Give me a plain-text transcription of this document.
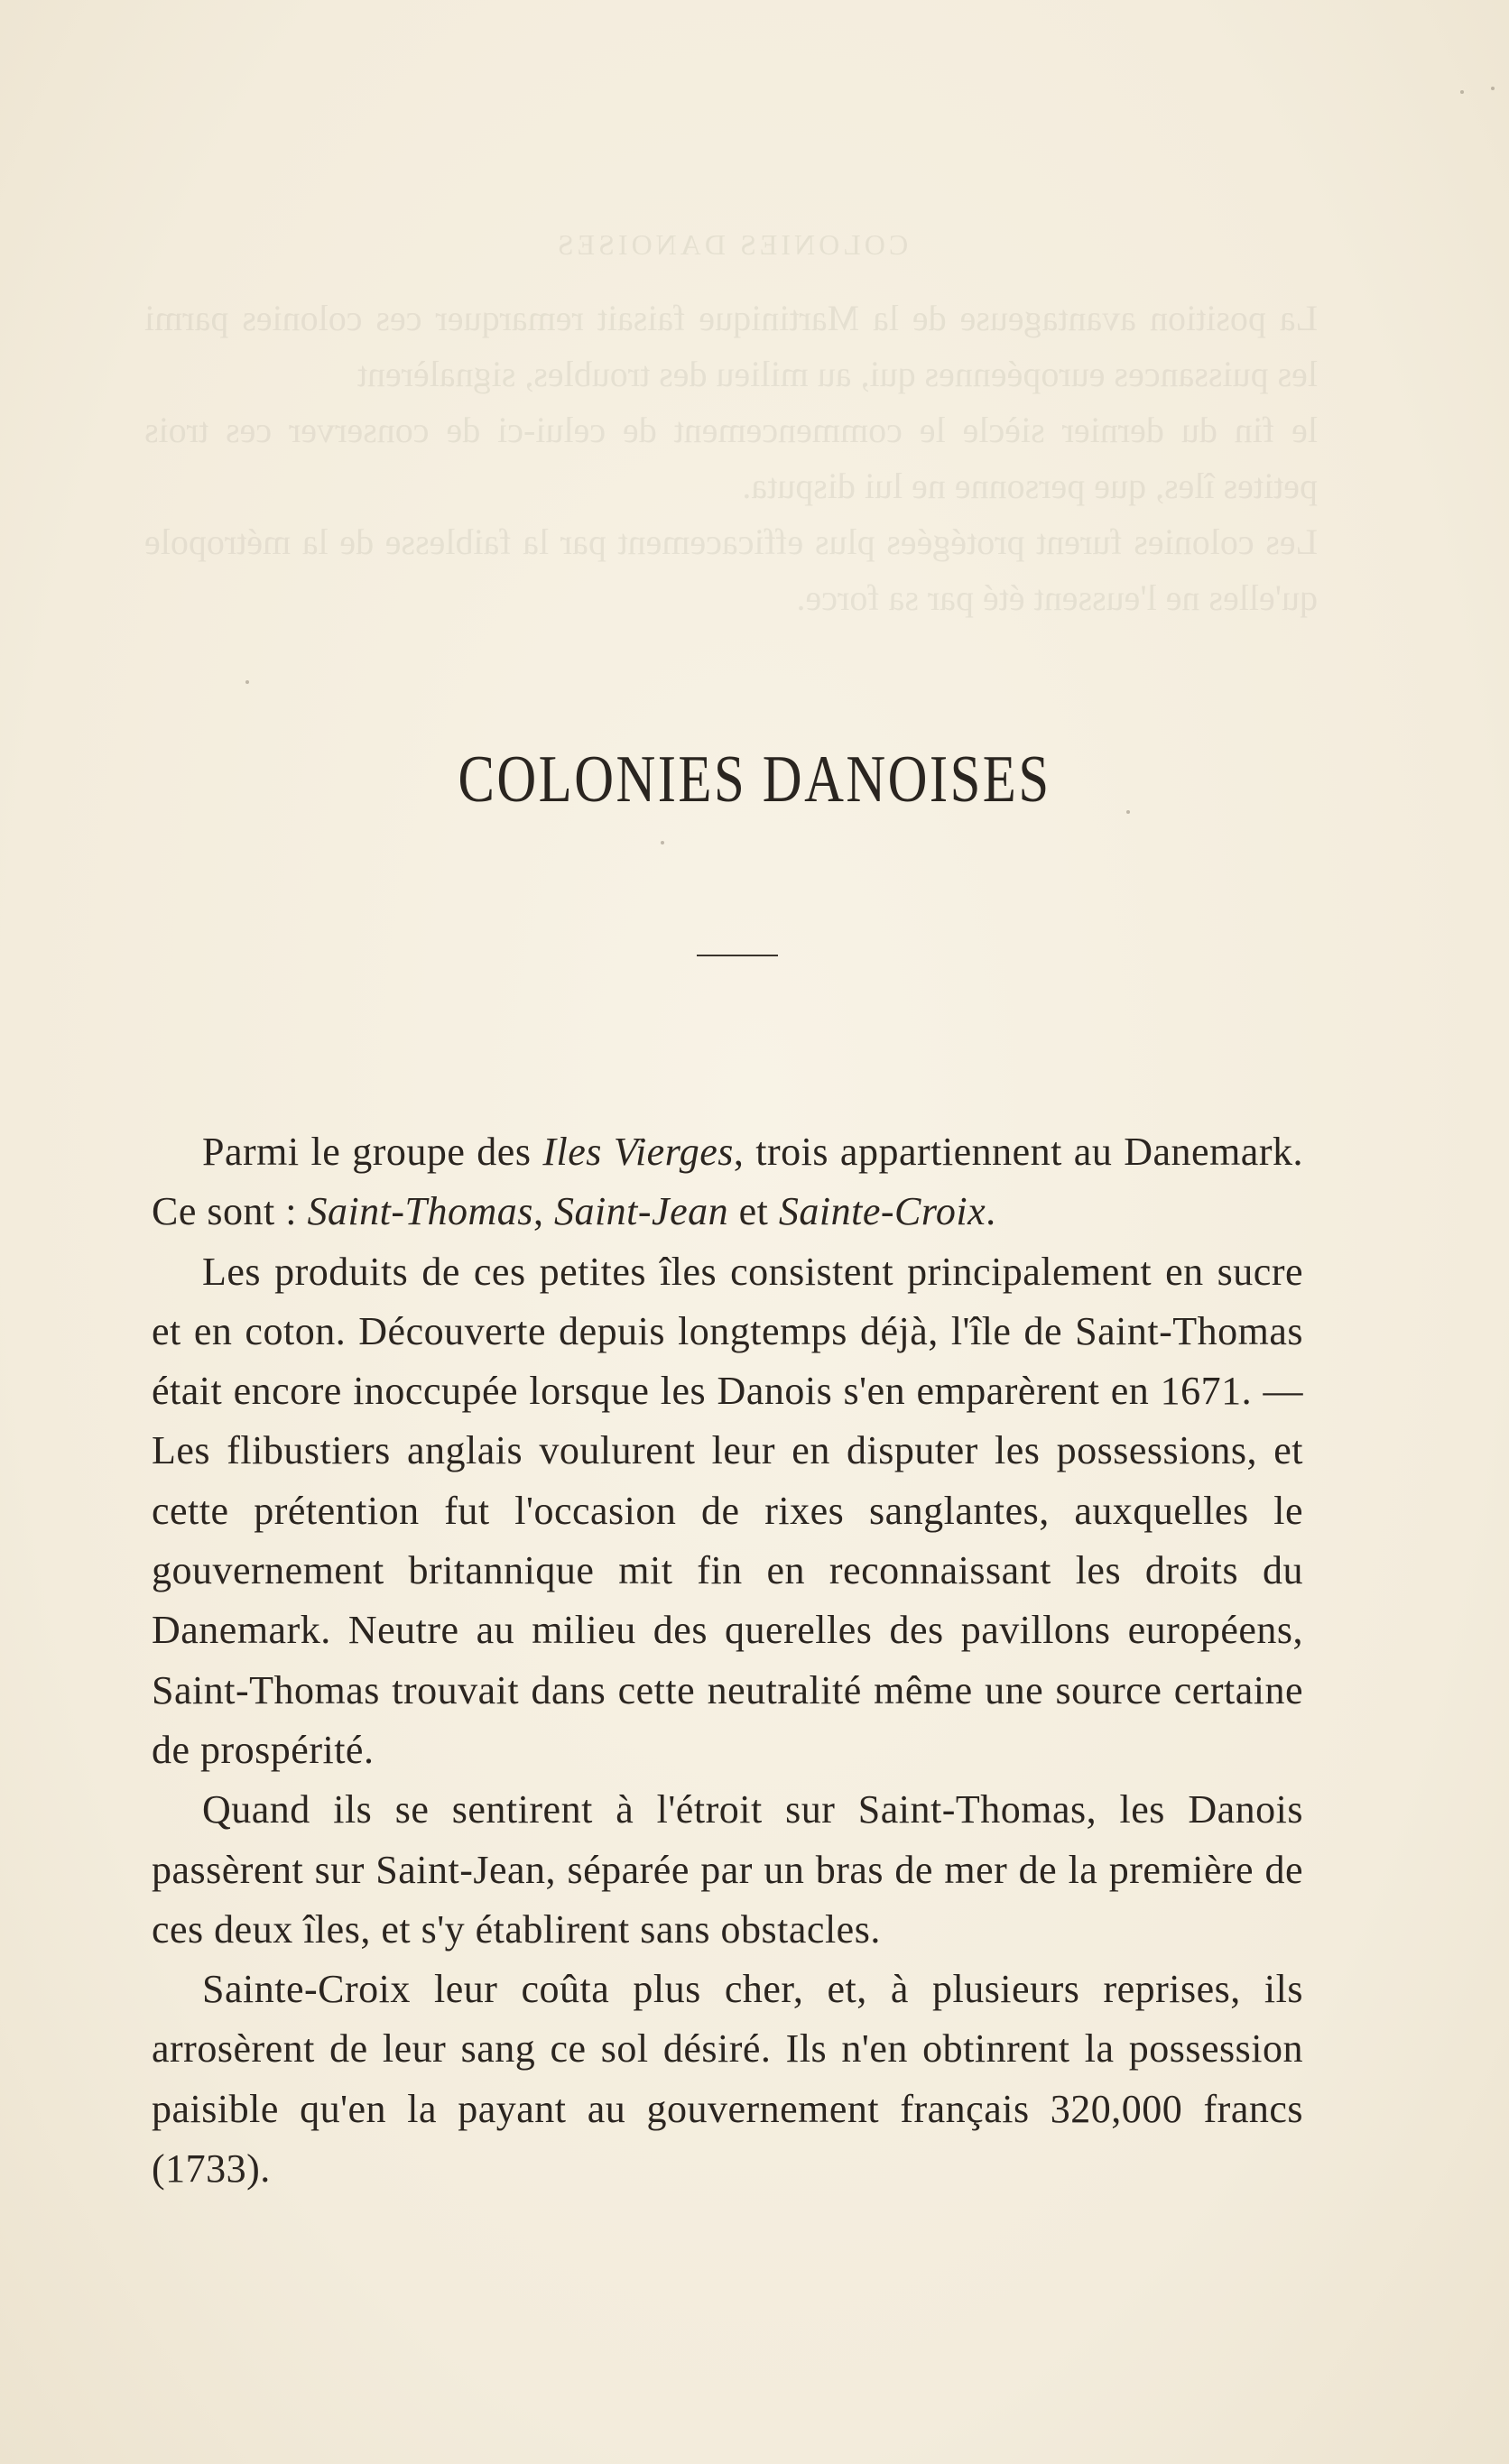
COLONIES DANOISES
La position avantageuse de la Martinique faisait remarquer ces colonies parmi les puissances européennes qui, au milieu des troubles, signalèrent
le fin du dernier siècle le commencement de celui-ci de conserver ces trois petites îles, que personne ne lui disputa.
Les colonies furent protégées plus efficacement par la faiblesse de la métropole qu'elles ne l'eussent été par sa force.
COLONIES DANOISES

Parmi le groupe des Iles Vierges, trois appartiennent au Danemark. Ce sont : Saint-Thomas, Saint-Jean et Sainte-Croix.

Les produits de ces petites îles consistent principalement en sucre et en coton. Découverte depuis longtemps déjà, l'île de Saint-Thomas était encore inoccupée lorsque les Danois s'en emparèrent en 1671. — Les flibustiers anglais voulurent leur en disputer les possessions, et cette prétention fut l'occasion de rixes sanglantes, auxquelles le gouvernement britannique mit fin en reconnaissant les droits du Danemark. Neutre au milieu des querelles des pavillons européens, Saint-Thomas trouvait dans cette neutralité même une source certaine de prospérité.

Quand ils se sentirent à l'étroit sur Saint-Thomas, les Danois passèrent sur Saint-Jean, séparée par un bras de mer de la première de ces deux îles, et s'y établirent sans obstacles.

Sainte-Croix leur coûta plus cher, et, à plusieurs reprises, ils arrosèrent de leur sang ce sol désiré. Ils n'en obtinrent la possession paisible qu'en la payant au gouvernement français 320,000 francs (1733).
